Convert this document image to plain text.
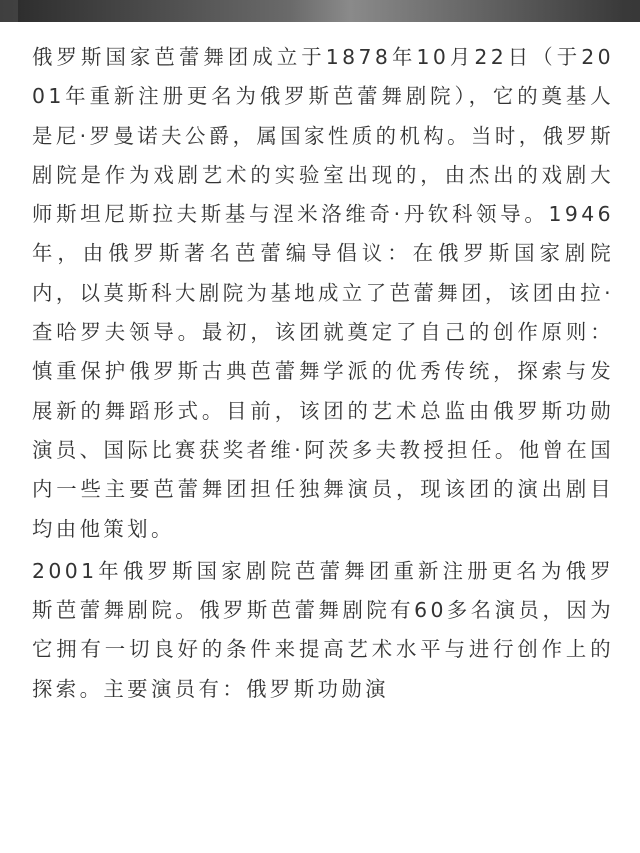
俄罗斯国家芭蕾舞团成立于1878年10月22日（于2001年重新注册更名为俄罗斯芭蕾舞剧院），它的奠基人是尼·罗曼诺夫公爵，属国家性质的机构。当时，俄罗斯剧院是作为戏剧艺术的实验室出现的，由杰出的戏剧大师斯坦尼斯拉夫斯基与涅米洛维奇·丹钦科领导。1946年，由俄罗斯著名芭蕾编导倡议：在俄罗斯国家剧院内，以莫斯科大剧院为基地成立了芭蕾舞团，该团由拉·查哈罗夫领导。最初，该团就奠定了自己的创作原则：慎重保护俄罗斯古典芭蕾舞学派的优秀传统，探索与发展新的舞蹈形式。目前，该团的艺术总监由俄罗斯功勋演员、国际比赛获奖者维·阿茨多夫教授担任。他曾在国内一些主要芭蕾舞团担任独舞演员，现该团的演出剧目均由他策划。

2001年俄罗斯国家剧院芭蕾舞团重新注册更名为俄罗斯芭蕾舞剧院。俄罗斯芭蕾舞剧院有60多名演员，因为它拥有一切良好的条件来提高艺术水平与进行创作上的探索。主要演员有：俄罗斯功勋演
